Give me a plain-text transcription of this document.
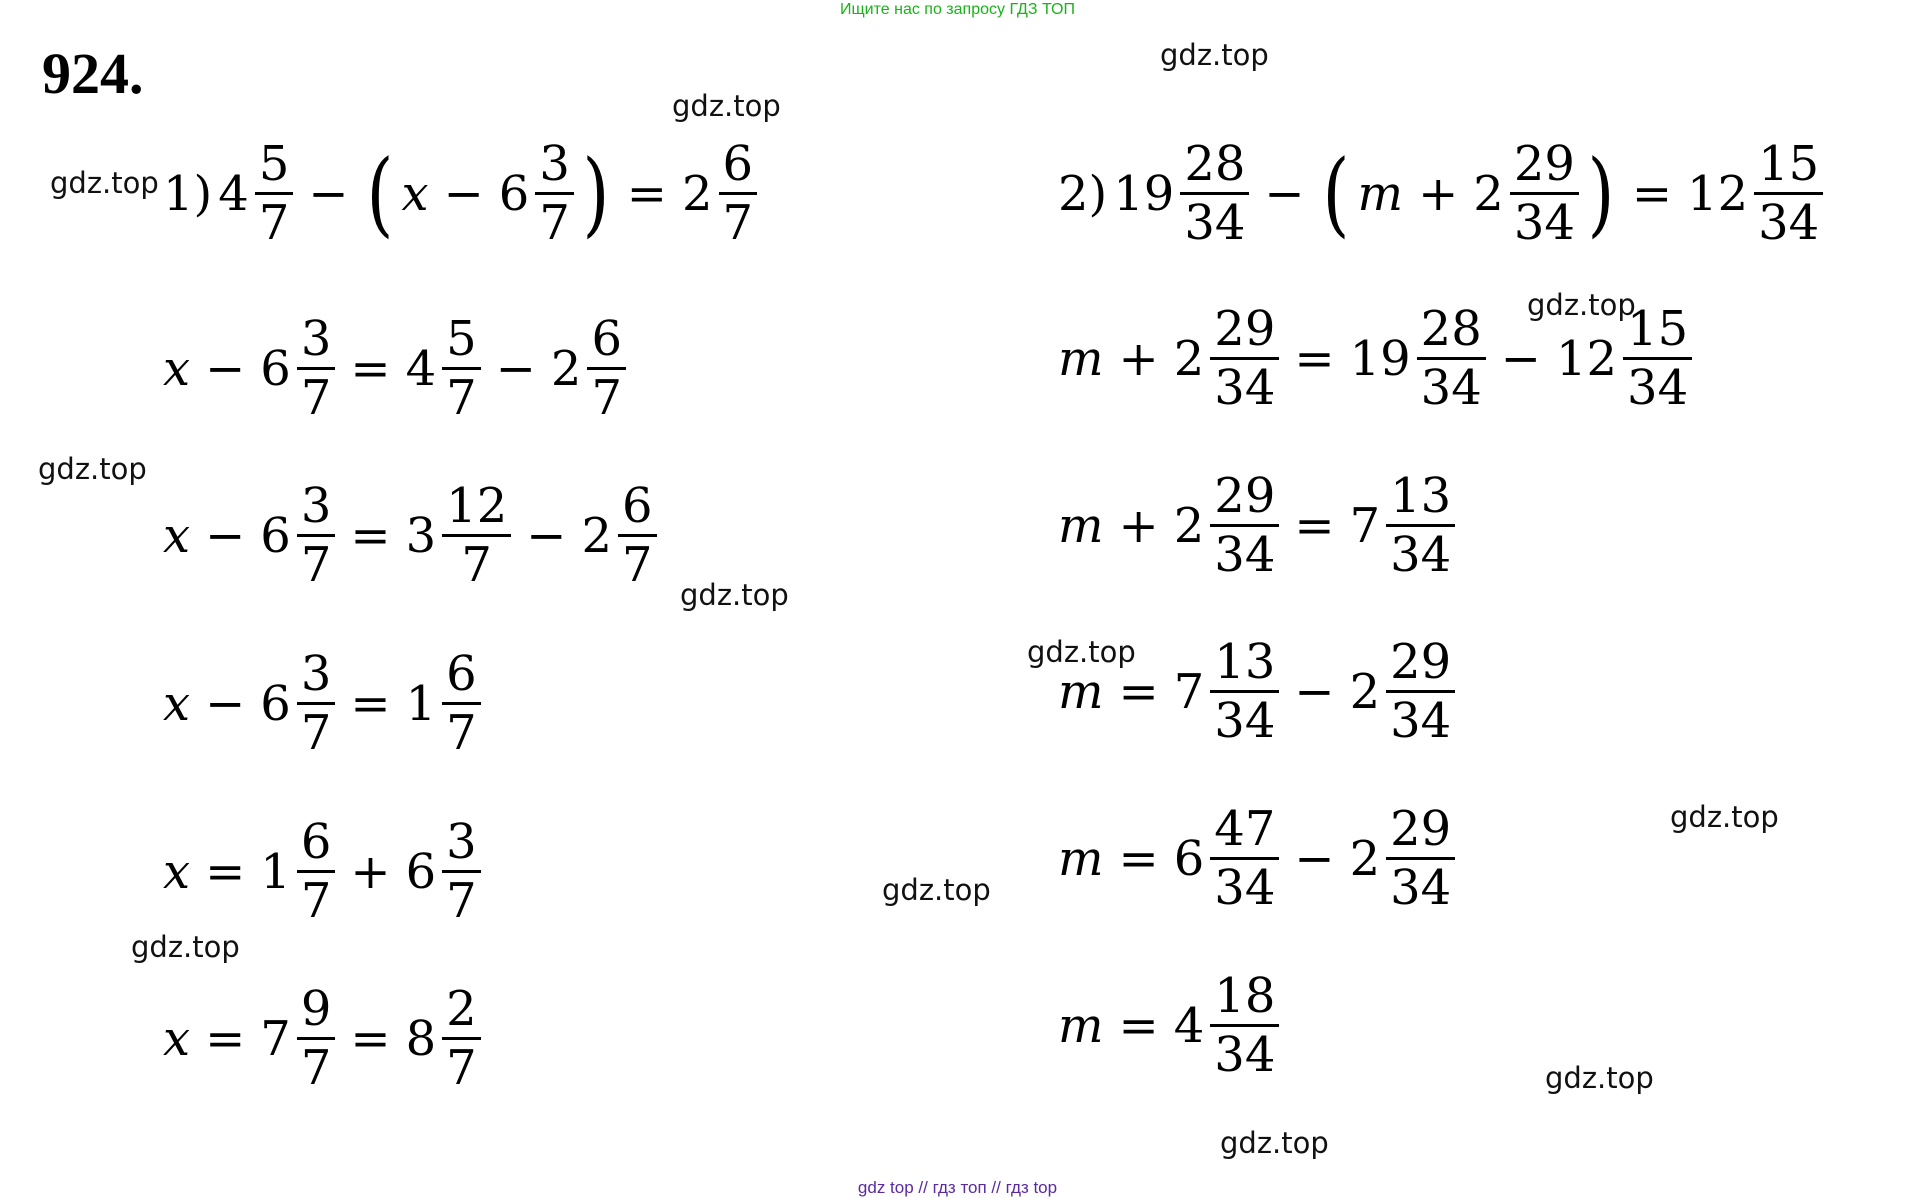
Ищите нас по запросу ГДЗ ТОП
924.
1) $4 \frac{5}{7}$ − ( $x - 6 \frac{3}{7}$ ) = $2 \frac{6}{7}$
$x - 6 \frac{3}{7} = 4 \frac{5}{7} - 2 \frac{6}{7}$
$x - 6 \frac{3}{7} = 3 \frac{12}{7} - 2 \frac{6}{7}$
$x - 6 \frac{3}{7} = 1 \frac{6}{7}$
$x = 1 \frac{6}{7} + 6 \frac{3}{7}$
$x = 7 \frac{9}{7} = 8 \frac{2}{7}$
2) $19 \frac{28}{34}$ − ( $m + 2 \frac{29}{34}$ ) = $12 \frac{15}{34}$
$m + 2 \frac{29}{34} = 19 \frac{28}{34} - 12 \frac{15}{34}$
$m + 2 \frac{29}{34} = 7 \frac{13}{34}$
$m = 7 \frac{13}{34} - 2 \frac{29}{34}$
$m = 6 \frac{47}{34} - 2 \frac{29}{34}$
$m = 4 \frac{18}{34}$
gdz.top
gdz.top
gdz.top
gdz.top
gdz.top
gdz.top
gdz.top
gdz.top
gdz.top
gdz.top
gdz.top
gdz.top
gdz top // гдз топ // гдз top
